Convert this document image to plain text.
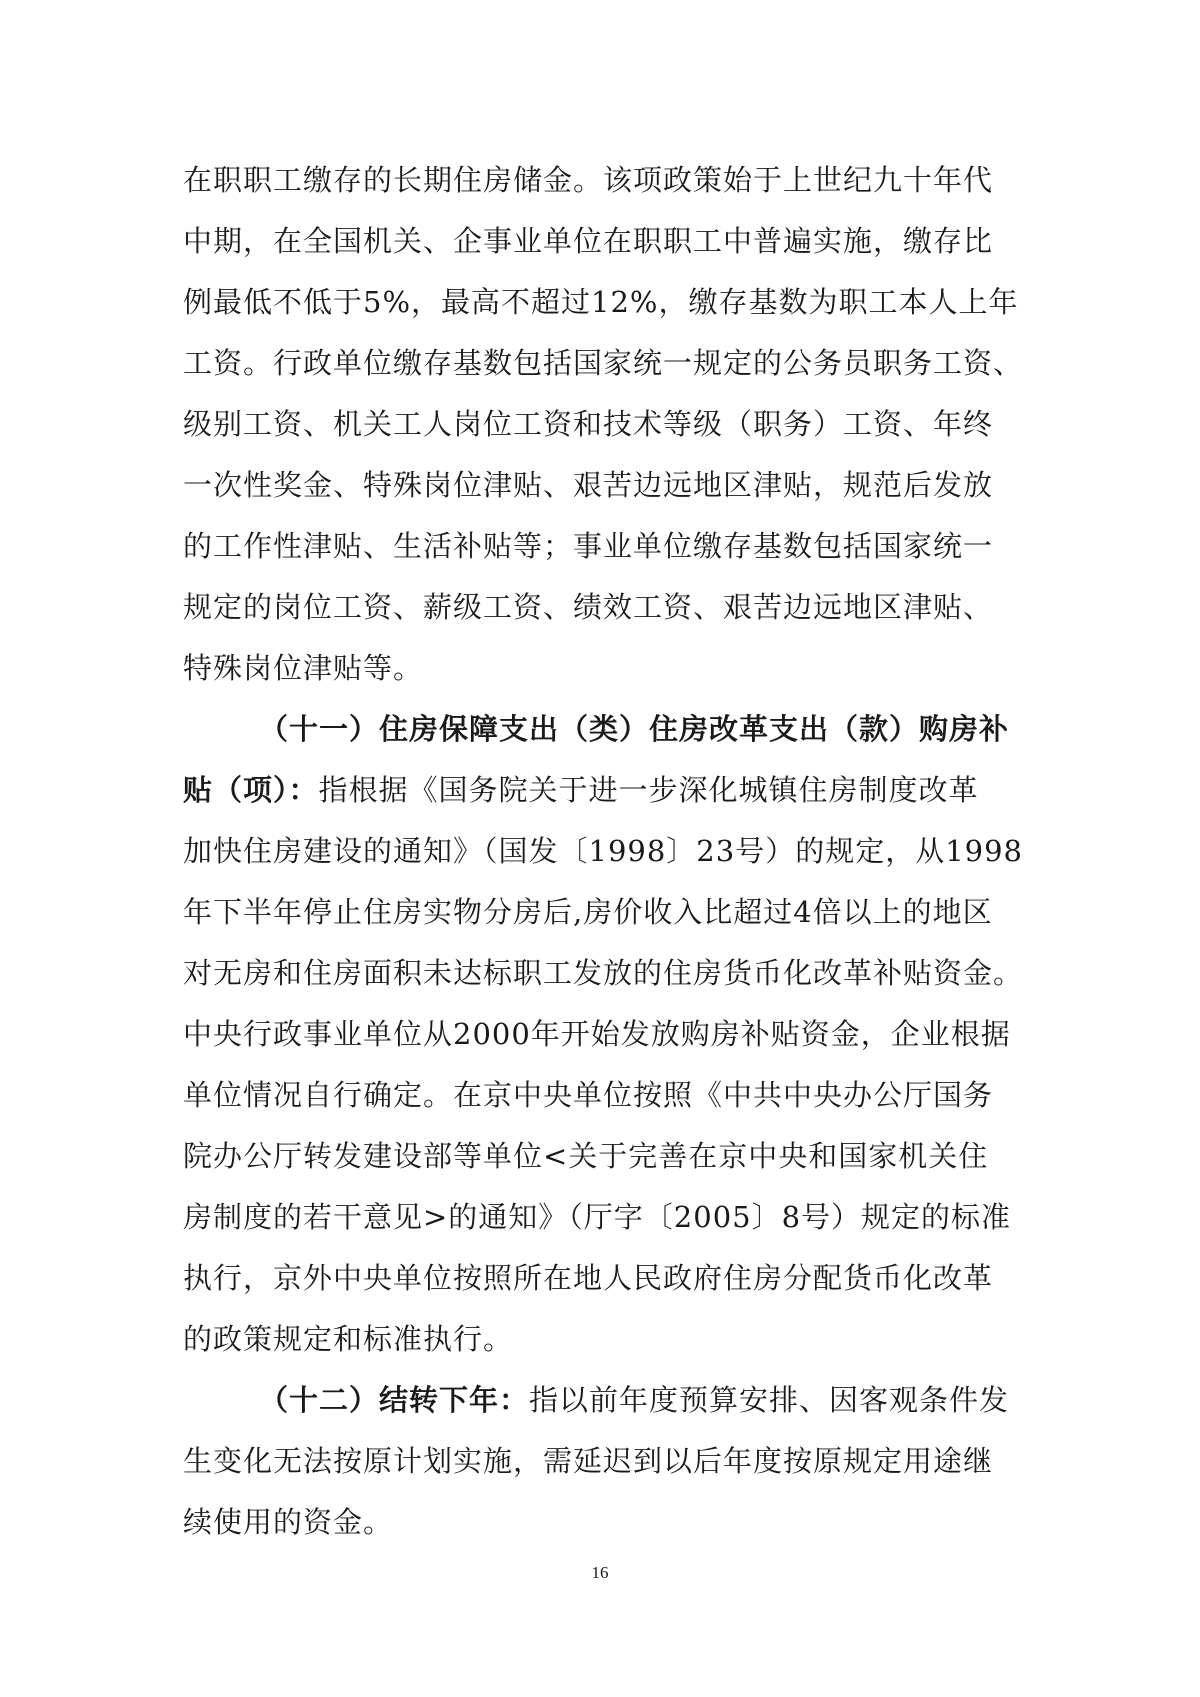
在职职工缴存的长期住房储金。该项政策始于上世纪九十年代
中期，在全国机关、企事业单位在职职工中普遍实施，缴存比
例最低不低于5%，最高不超过12%，缴存基数为职工本人上年
工资。行政单位缴存基数包括国家统一规定的公务员职务工资、
级别工资、机关工人岗位工资和技术等级（职务）工资、年终
一次性奖金、特殊岗位津贴、艰苦边远地区津贴，规范后发放
的工作性津贴、生活补贴等；事业单位缴存基数包括国家统一
规定的岗位工资、薪级工资、绩效工资、艰苦边远地区津贴、
特殊岗位津贴等。
（十一）住房保障支出（类）住房改革支出（款）购房补
贴（项）：指根据《国务院关于进一步深化城镇住房制度改革
加快住房建设的通知》（国发〔1998〕23号）的规定，从1998
年下半年停止住房实物分房后,房价收入比超过4倍以上的地区
对无房和住房面积未达标职工发放的住房货币化改革补贴资金。
中央行政事业单位从2000年开始发放购房补贴资金，企业根据
单位情况自行确定。在京中央单位按照《中共中央办公厅国务
院办公厅转发建设部等单位<关于完善在京中央和国家机关住
房制度的若干意见>的通知》（厅字〔2005〕8号）规定的标准
执行，京外中央单位按照所在地人民政府住房分配货币化改革
的政策规定和标准执行。
（十二）结转下年：指以前年度预算安排、因客观条件发
生变化无法按原计划实施，需延迟到以后年度按原规定用途继
续使用的资金。
16
